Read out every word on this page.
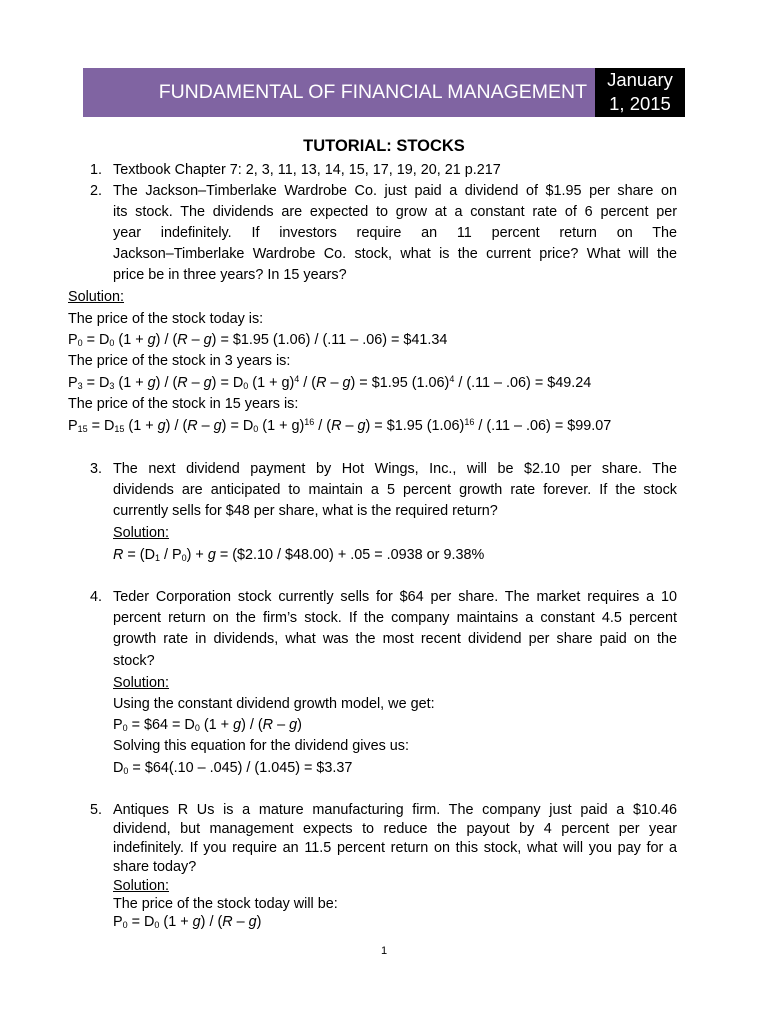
FUNDAMENTAL OF FINANCIAL MANAGEMENT
January
1, 2015
TUTORIAL: STOCKS
1. Textbook Chapter 7: 2, 3, 11, 13, 14, 15, 17, 19, 20, 21 p.217
2. The Jackson–Timberlake Wardrobe Co. just paid a dividend of $1.95 per share on
its stock. The dividends are expected to grow at a constant rate of 6 percent per
year indefinitely. If investors require an 11 percent return on The
Jackson–Timberlake Wardrobe Co. stock, what is the current price? What will the
price be in three years? In 15 years?
Solution:
The price of the stock today is:
$P_0 = D_0$ (1 + g) / (R – g) = $1.95 (1.06) / (.11 – .06) = $41.34
The price of the stock in 3 years is:
$P_3 = D_3$ $(1 + g) / (R - g) = D_0$ $(1 + g)^4 / (R - g)$ = $1.95 $(1.06)^4 / (.11 - .06)$ = $49.24
The price of the stock in 15 years is:
$P_{15} = D_{15}$ $(1 + g) / (R - g) = D_0$ $(1 + g)^{16} / (R - g)$ = $1.95 $(1.06)^{16} / (.11 - .06)$ = $99.07
3. The next dividend payment by Hot Wings, Inc., will be $2.10 per share. The
dividends are anticipated to maintain a 5 percent growth rate forever. If the stock
currently sells for $48 per share, what is the required return?
Solution:
$R = (D_1 / P_0) + g$ = ($2.10 / $48.00) + .05 = .0938 or 9.38%
4. Teder Corporation stock currently sells for $64 per share. The market requires a 10
percent return on the firm’s stock. If the company maintains a constant 4.5 percent
growth rate in dividends, what was the most recent dividend per share paid on the
stock?
Solution:
Using the constant dividend growth model, we get:
$P_0$ = $64 = $D_0$ (1 + g) / (R – g)
Solving this equation for the dividend gives us:
$D_0$ = $64(.10 – .045) / (1.045) = $3.37
5. Antiques R Us is a mature manufacturing firm. The company just paid a $10.46
dividend, but management expects to reduce the payout by 4 percent per year
indefinitely. If you require an 11.5 percent return on this stock, what will you pay for a
share today?
Solution:
The price of the stock today will be:
$P_0 = D_0$ (1 + g) / (R – g)
1
